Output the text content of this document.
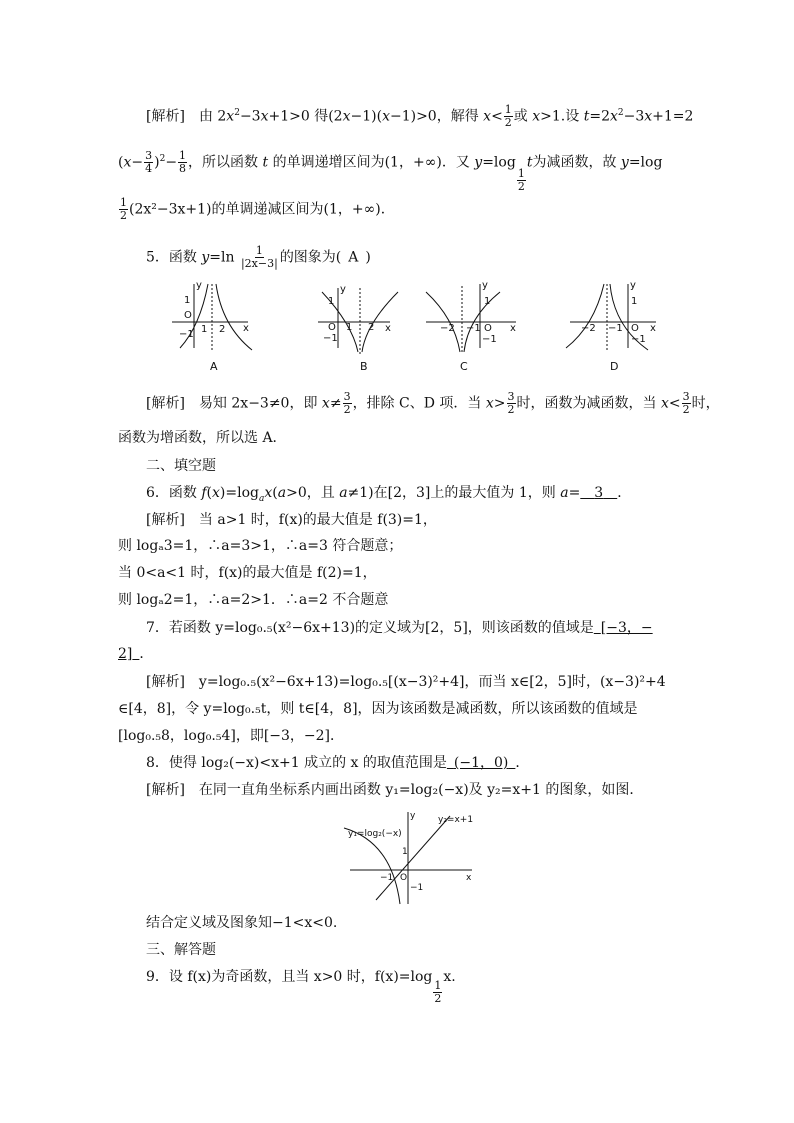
[解析]  由 $2x^2-3x+1>0$ 得(2x−1)(x−1)>0，解得 $x< \frac{1}{2}$ 或 x>1.设 $t=2x^2-3x+1=2$
$(x- \frac{3}{4} )^2- \frac{1}{8}$ ，所以函数 t 的单调递增区间为(1，+∞)．又 y=log
$\frac{1}{2}$
t为减函数，故 y=log
$\frac{1}{2} (2x^2-3x+1)$的单调递减区间为(1，+∞)．
5．函数 $y=\ln \frac{1}{|2x-3|}$ 的图象为(  A  )
y
x
O
1
1 2
−1
A
y
x
O
1
1 2
−1
B
y
x
O
1
−2 −1
−1
C
y
x
O
1
−2 −1
−1
D
[解析]  易知 2x−3≠0，即 $x\ne \frac{3}{2}$ ，排除 C、D 项．当 $x> \frac{3}{2}$ 时，函数为减函数，当 $x< \frac{3}{2}$ 时，
函数为增函数，所以选 A．
二、填空题
6．函数 $f(x)=\log_ax(a>0$，且 a≠1)在[2，3]上的最大值为 1，则 a=  3  ．
[解析]　当 a>1 时，f(x)的最大值是 f(3)=1，
则 logₐ3=1，∴a=3>1，∴a=3 符合题意；
当 0<a<1 时，f(x)的最大值是 f(2)=1，
则 logₐ2=1，∴a=2>1．∴a=2 不合题意
7．若函数 y=log₀.₅(x²−6x+13)的定义域为[2，5]，则该函数的值域是  [−3，−
2]  ．
[解析]　y=log₀.₅(x²−6x+13)=log₀.₅[(x−3)²+4]，而当 x∈[2，5]时，(x−3)²+4
∈[4，8]，令 y=log₀.₅t，则 t∈[4，8]，因为该函数是减函数，所以该函数的值域是
[log₀.₅8，log₀.₅4]，即[−3，−2]．
8．使得 log₂(−x)<x+1 成立的 x 的取值范围是  (−1，0)  ．
[解析]　在同一直角坐标系内画出函数 y₁=log₂(−x)及 y₂=x+1 的图象，如图．
y
x
O
y₁=log₂(−x)
y₂=x+1
1
−1
−1
结合定义域及图象知−1<x<0.
三、解答题
9．设 f(x)为奇函数，且当 x>0 时，f(x)=log
$\frac{1}{2}$
x.
